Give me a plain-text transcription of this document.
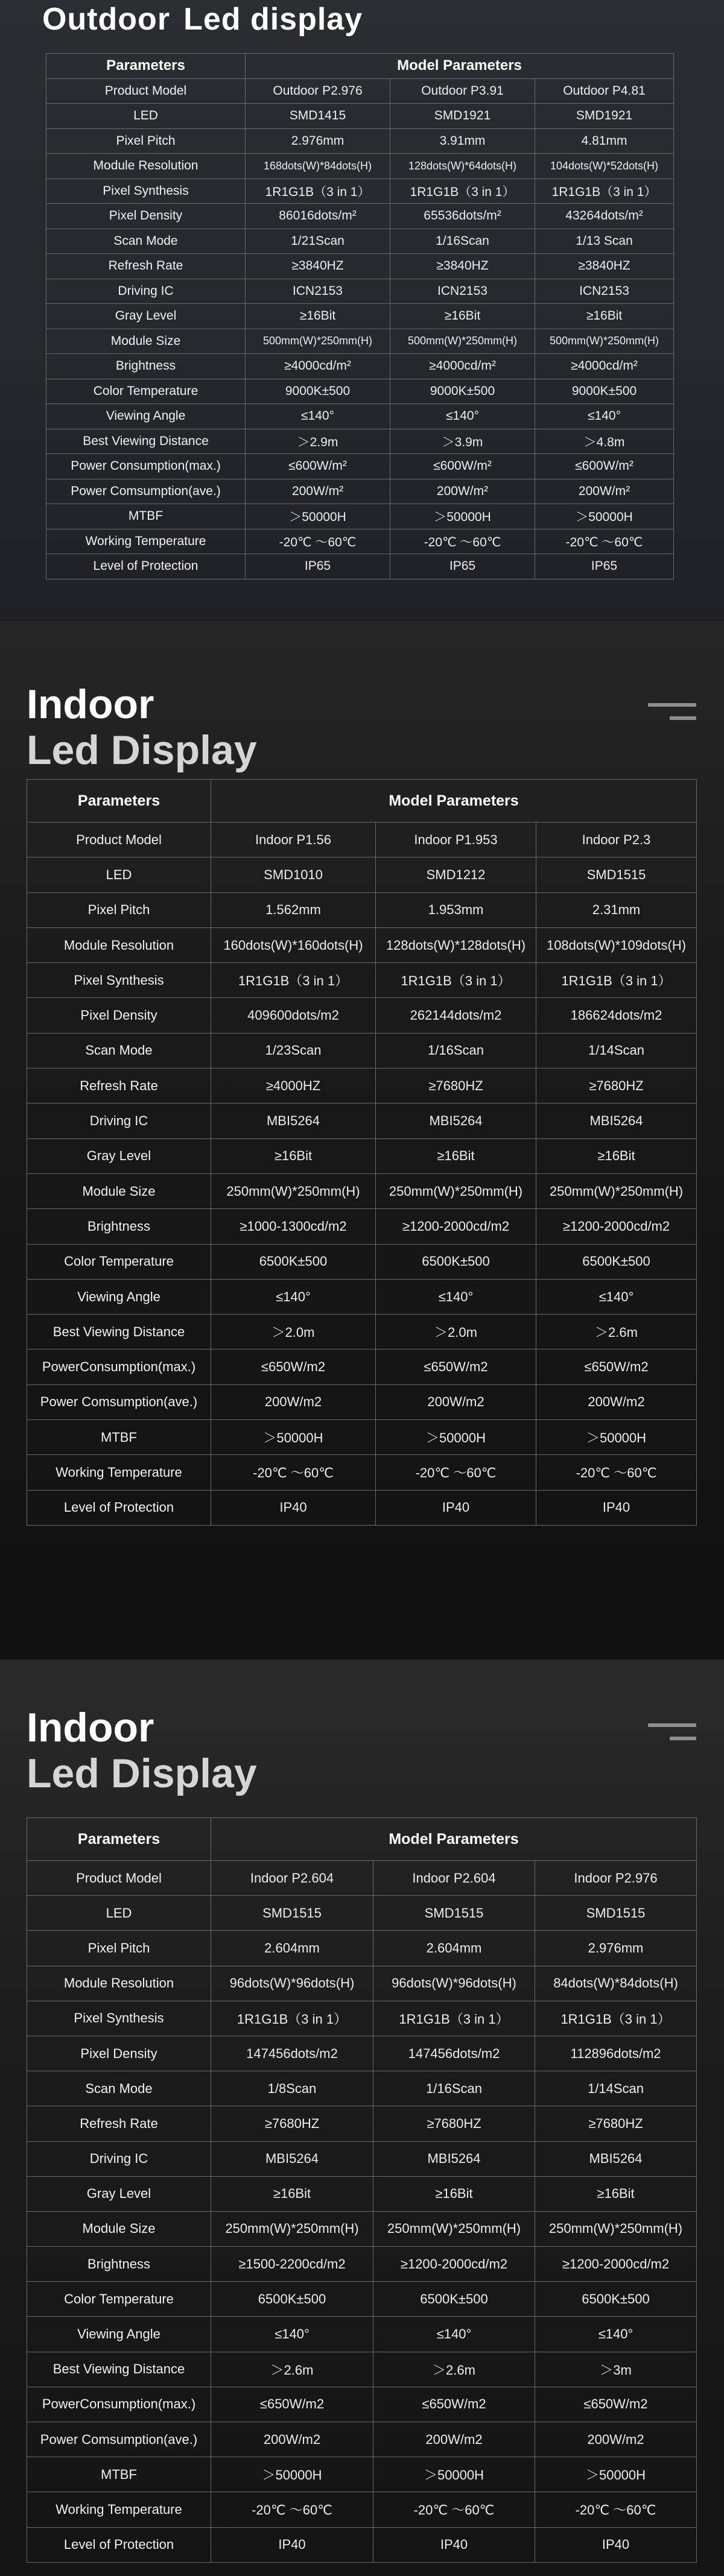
Outdoor Led display
Parameters	Model Parameters		
Product Model	Outdoor P2.976	Outdoor P3.91	Outdoor P4.81
LED	SMD1415	SMD1921	SMD1921
Pixel Pitch	2.976mm	3.91mm	4.81mm
Module Resolution	168dots(W)*84dots(H)	128dots(W)*64dots(H)	104dots(W)*52dots(H)
Pixel Synthesis	1R1G1B（3 in 1）	1R1G1B（3 in 1）	1R1G1B（3 in 1）
Pixel Density	86016dots/m²	65536dots/m²	43264dots/m²
Scan Mode	1/21Scan	1/16Scan	1/13 Scan
Refresh Rate	≥3840HZ	≥3840HZ	≥3840HZ
Driving IC	ICN2153	ICN2153	ICN2153
Gray Level	≥16Bit	≥16Bit	≥16Bit
Module Size	500mm(W)*250mm(H)	500mm(W)*250mm(H)	500mm(W)*250mm(H)
Brightness	≥4000cd/m²	≥4000cd/m²	≥4000cd/m²
Color Temperature	9000K±500	9000K±500	9000K±500
Viewing Angle	≤140°	≤140°	≤140°
Best Viewing Distance	＞2.9m	＞3.9m	＞4.8m
Power Consumption(max.)	≤600W/m²	≤600W/m²	≤600W/m²
Power Comsumption(ave.)	200W/m²	200W/m²	200W/m²
MTBF	＞50000H	＞50000H	＞50000H
Working Temperature	-20℃ ～60℃	-20℃ ～60℃	-20℃ ～60℃
Level of Protection	IP65	IP65	IP65
Indoor
Led Display
Parameters	Model Parameters		
Product Model	Indoor P1.56	Indoor P1.953	Indoor P2.3
LED	SMD1010	SMD1212	SMD1515
Pixel Pitch	1.562mm	1.953mm	2.31mm
Module Resolution	160dots(W)*160dots(H)	128dots(W)*128dots(H)	108dots(W)*109dots(H)
Pixel Synthesis	1R1G1B（3 in 1）	1R1G1B（3 in 1）	1R1G1B（3 in 1）
Pixel Density	409600dots/m2	262144dots/m2	186624dots/m2
Scan Mode	1/23Scan	1/16Scan	1/14Scan
Refresh Rate	≥4000HZ	≥7680HZ	≥7680HZ
Driving IC	MBI5264	MBI5264	MBI5264
Gray Level	≥16Bit	≥16Bit	≥16Bit
Module Size	250mm(W)*250mm(H)	250mm(W)*250mm(H)	250mm(W)*250mm(H)
Brightness	≥1000-1300cd/m2	≥1200-2000cd/m2	≥1200-2000cd/m2
Color Temperature	6500K±500	6500K±500	6500K±500
Viewing Angle	≤140°	≤140°	≤140°
Best Viewing Distance	＞2.0m	＞2.0m	＞2.6m
PowerConsumption(max.)	≤650W/m2	≤650W/m2	≤650W/m2
Power Comsumption(ave.)	200W/m2	200W/m2	200W/m2
MTBF	＞50000H	＞50000H	＞50000H
Working Temperature	-20℃ ～60℃	-20℃ ～60℃	-20℃ ～60℃
Level of Protection	IP40	IP40	IP40
Indoor
Led Display
Parameters	Model Parameters		
Product Model	Indoor P2.604	Indoor P2.604	Indoor P2.976
LED	SMD1515	SMD1515	SMD1515
Pixel Pitch	2.604mm	2.604mm	2.976mm
Module Resolution	96dots(W)*96dots(H)	96dots(W)*96dots(H)	84dots(W)*84dots(H)
Pixel Synthesis	1R1G1B（3 in 1）	1R1G1B（3 in 1）	1R1G1B（3 in 1）
Pixel Density	147456dots/m2	147456dots/m2	112896dots/m2
Scan Mode	1/8Scan	1/16Scan	1/14Scan
Refresh Rate	≥7680HZ	≥7680HZ	≥7680HZ
Driving IC	MBI5264	MBI5264	MBI5264
Gray Level	≥16Bit	≥16Bit	≥16Bit
Module Size	250mm(W)*250mm(H)	250mm(W)*250mm(H)	250mm(W)*250mm(H)
Brightness	≥1500-2200cd/m2	≥1200-2000cd/m2	≥1200-2000cd/m2
Color Temperature	6500K±500	6500K±500	6500K±500
Viewing Angle	≤140°	≤140°	≤140°
Best Viewing Distance	＞2.6m	＞2.6m	＞3m
PowerConsumption(max.)	≤650W/m2	≤650W/m2	≤650W/m2
Power Comsumption(ave.)	200W/m2	200W/m2	200W/m2
MTBF	＞50000H	＞50000H	＞50000H
Working Temperature	-20℃ ～60℃	-20℃ ～60℃	-20℃ ～60℃
Level of Protection	IP40	IP40	IP40
